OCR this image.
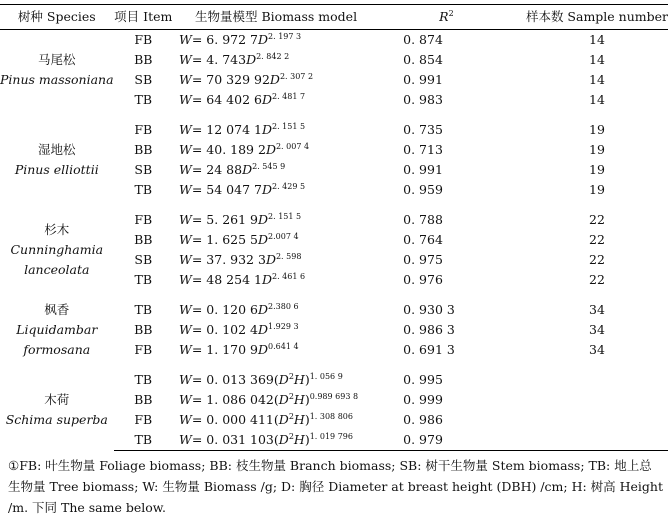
树种 Species	项目 Item	生物量模型 Biomass model	$R^2$	样本数 Sample number

马尾松
Pinus massoniana	FB	W= 6. 972 $7D^{2. 197 3}$	0. 874	14
	BB	W= 4. $743D^{2. 842 2}$	0. 854	14
	SB	W= 70 329 $92D^{2. 307 2}$	0. 991	14
	TB	W= 64 402 $6D^{2. 481 7}$	0. 983	14

湿地松
Pinus elliottii	FB	W= 12 074 $1D^{2. 151 5}$	0. 735	19
	BB	W= 40. 189 $2D^{2. 007 4}$	0. 713	19
	SB	W= 24 $88D^{2. 545 9}$	0. 991	19
	TB	W= 54 047 $7D^{2. 429 5}$	0. 959	19

杉木
Cunninghamia
lanceolata	FB	W= 5. 261 $9D^{2. 151 5}$	0. 788	22
	BB	W= 1. 625 $5D^{2.007 4}$	0. 764	22
	SB	W= 37. 932 $3D^{2. 598}$	0. 975	22
	TB	W= 48 254 $1D^{2. 461 6}$	0. 976	22

枫香
Liquidambar
formosana	TB	W= 0. 120 $6D^{2.380 6}$	0. 930 3	34
	BB	W= 0. 102 $4D^{1.929 3}$	0. 986 3	34
	FB	W= 1. 170 $9D^{0.641 4}$	0. 691 3	34

木荷
Schima superba	TB	W= 0. 013 $369(D^2H)^{1. 056 9}$	0. 995	
	BB	W= 1. 086 $042(D^2H)^{0.989 693 8}$	0. 999	
	FB	W= 0. 000 $411(D^2H)^{1. 308 806}$	0. 986	
	TB	W= 0. 031 $103(D^2H)^{1. 019 796}$	0. 979	
①FB: 叶生物量 Foliage biomass; BB: 枝生物量 Branch biomass; SB: 树干生物量 Stem biomass; TB: 地上总生物量 Tree biomass; W: 生物量 Biomass /g; D: 胸径 Diameter at breast height (DBH) /cm; H: 树高 Height /m. 下同 The same below.
